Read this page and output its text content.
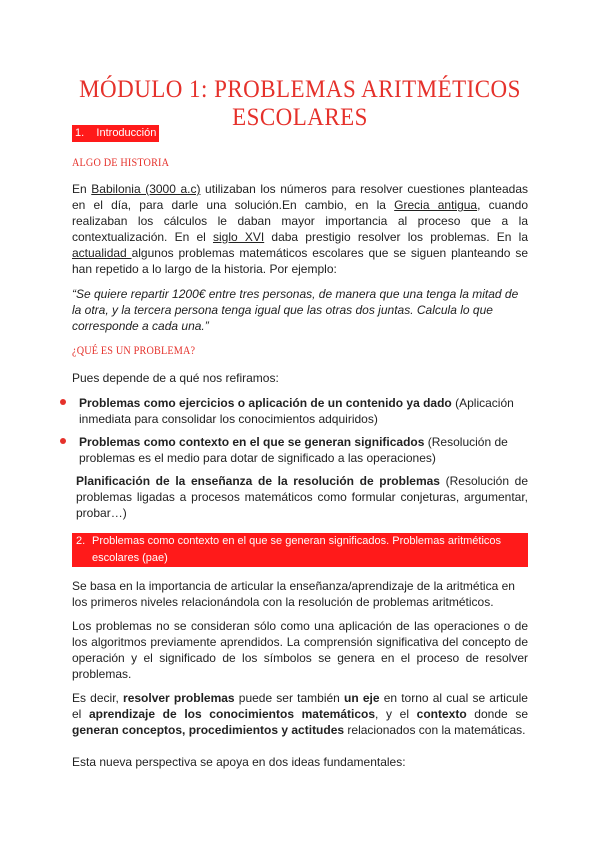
MÓDULO 1: PROBLEMAS ARITMÉTICOS ESCOLARES
1. Introducción
ALGO DE HISTORIA

En Babilonia (3000 a.c) utilizaban los números para resolver cuestiones planteadas en el día, para darle una solución.En cambio, en la Grecia antigua, cuando realizaban los cálculos le daban mayor importancia al proceso que a la contextualización. En el siglo XVI daba prestigio resolver los problemas. En la actualidad algunos problemas matemáticos escolares que se siguen planteando se han repetido a lo largo de la historia. Por ejemplo:

“Se quiere repartir 1200€ entre tres personas, de manera que una tenga la mitad de la otra, y la tercera persona tenga igual que las otras dos juntas. Calcula lo que corresponde a cada una.”

¿QUÉ ES UN PROBLEMA?

Pues depende de a qué nos refiramos:

Problemas como ejercicios o aplicación de un contenido ya dado (Aplicación inmediata para consolidar los conocimientos adquiridos)
Problemas como contexto en el que se generan significados (Resolución de problemas es el medio para dotar de significado a las operaciones)

Planificación de la enseñanza de la resolución de problemas (Resolución de problemas ligadas a procesos matemáticos como formular conjeturas, argumentar, probar…)

2. Problemas como contexto en el que se generan significados. Problemas aritméticos escolares (pae)

Se basa en la importancia de articular la enseñanza/aprendizaje de la aritmética en los primeros niveles relacionándola con la resolución de problemas aritméticos.

Los problemas no se consideran sólo como una aplicación de las operaciones o de los algoritmos previamente aprendidos. La comprensión significativa del concepto de operación y el significado de los símbolos se genera en el proceso de resolver problemas.

Es decir, resolver problemas puede ser también un eje en torno al cual se articule el aprendizaje de los conocimientos matemáticos, y el contexto donde se generan conceptos, procedimientos y actitudes relacionados con la matemáticas.

Esta nueva perspectiva se apoya en dos ideas fundamentales:
